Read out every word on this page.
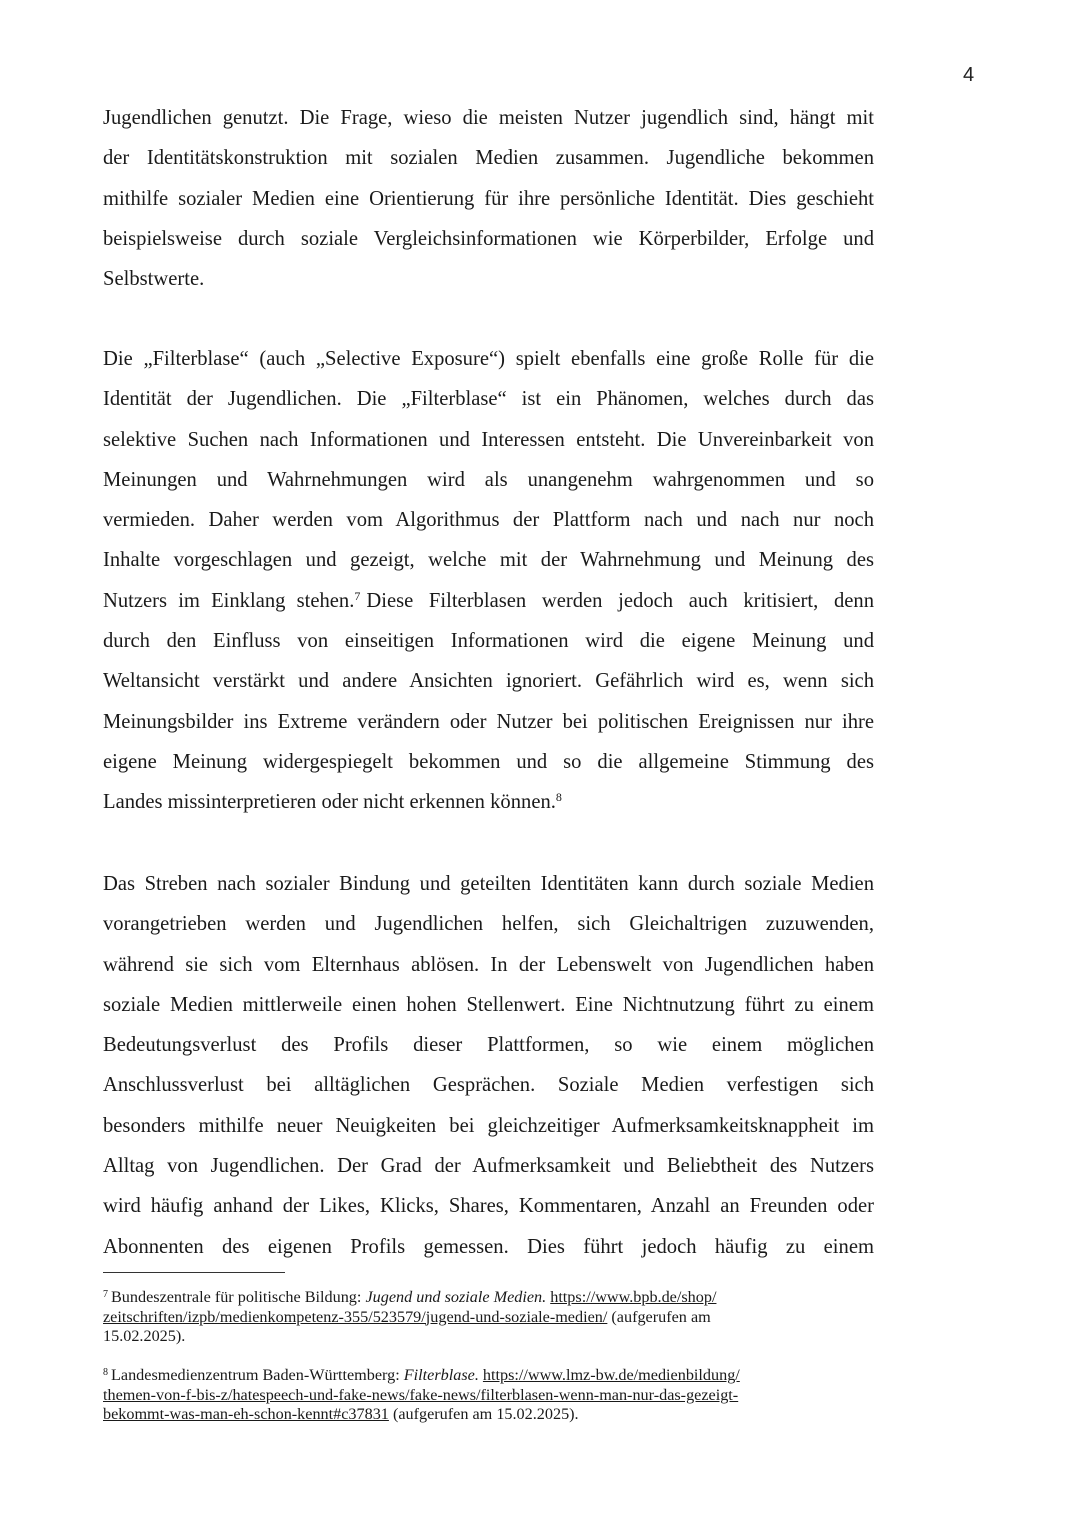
4
Jugendlichen genutzt. Die Frage, wieso die meisten Nutzer jugendlich sind, hängt mit
der Identitätskonstruktion mit sozialen Medien zusammen. Jugendliche bekommen
mithilfe sozialer Medien eine Orientierung für ihre persönliche Identität. Dies geschieht
beispielsweise durch soziale Vergleichsinformationen wie Körperbilder, Erfolge und
Selbstwerte.
Die „Filterblase“ (auch „Selective Exposure“) spielt ebenfalls eine große Rolle für die
Identität der Jugendlichen. Die „Filterblase“ ist ein Phänomen, welches durch das
selektive Suchen nach Informationen und Interessen entsteht. Die Unvereinbarkeit von
Meinungen und Wahrnehmungen wird als unangenehm wahrgenommen und so
vermieden. Daher werden vom Algorithmus der Plattform nach und nach nur noch
Inhalte vorgeschlagen und gezeigt, welche mit der Wahrnehmung und Meinung des
Nutzers im Einklang stehen.$^7$ Diese Filterblasen werden jedoch auch kritisiert, denn
durch den Einfluss von einseitigen Informationen wird die eigene Meinung und
Weltansicht verstärkt und andere Ansichten ignoriert. Gefährlich wird es, wenn sich
Meinungsbilder ins Extreme verändern oder Nutzer bei politischen Ereignissen nur ihre
eigene Meinung widergespiegelt bekommen und so die allgemeine Stimmung des
Landes missinterpretieren oder nicht erkennen können.$^8$
Das Streben nach sozialer Bindung und geteilten Identitäten kann durch soziale Medien
vorangetrieben werden und Jugendlichen helfen, sich Gleichaltrigen zuzuwenden,
während sie sich vom Elternhaus ablösen. In der Lebenswelt von Jugendlichen haben
soziale Medien mittlerweile einen hohen Stellenwert. Eine Nichtnutzung führt zu einem
Bedeutungsverlust des Profils dieser Plattformen, so wie einem möglichen
Anschlussverlust bei alltäglichen Gesprächen. Soziale Medien verfestigen sich
besonders mithilfe neuer Neuigkeiten bei gleichzeitiger Aufmerksamkeitsknappheit im
Alltag von Jugendlichen. Der Grad der Aufmerksamkeit und Beliebtheit des Nutzers
wird häufig anhand der Likes, Klicks, Shares, Kommentaren, Anzahl an Freunden oder
Abonnenten des eigenen Profils gemessen. Dies führt jedoch häufig zu einem
$^7$ Bundeszentrale für politische Bildung: Jugend und soziale Medien. https://www.bpb.de/shop/
zeitschriften/izpb/medienkompetenz-355/523579/jugend-und-soziale-medien/ (aufgerufen am
15.02.2025).
$^8$ Landesmedienzentrum Baden-Württemberg: Filterblase. https://www.lmz-bw.de/medienbildung/
themen-von-f-bis-z/hatespeech-und-fake-news/fake-news/filterblasen-wenn-man-nur-das-gezeigt-
bekommt-was-man-eh-schon-kennt#c37831 (aufgerufen am 15.02.2025).
